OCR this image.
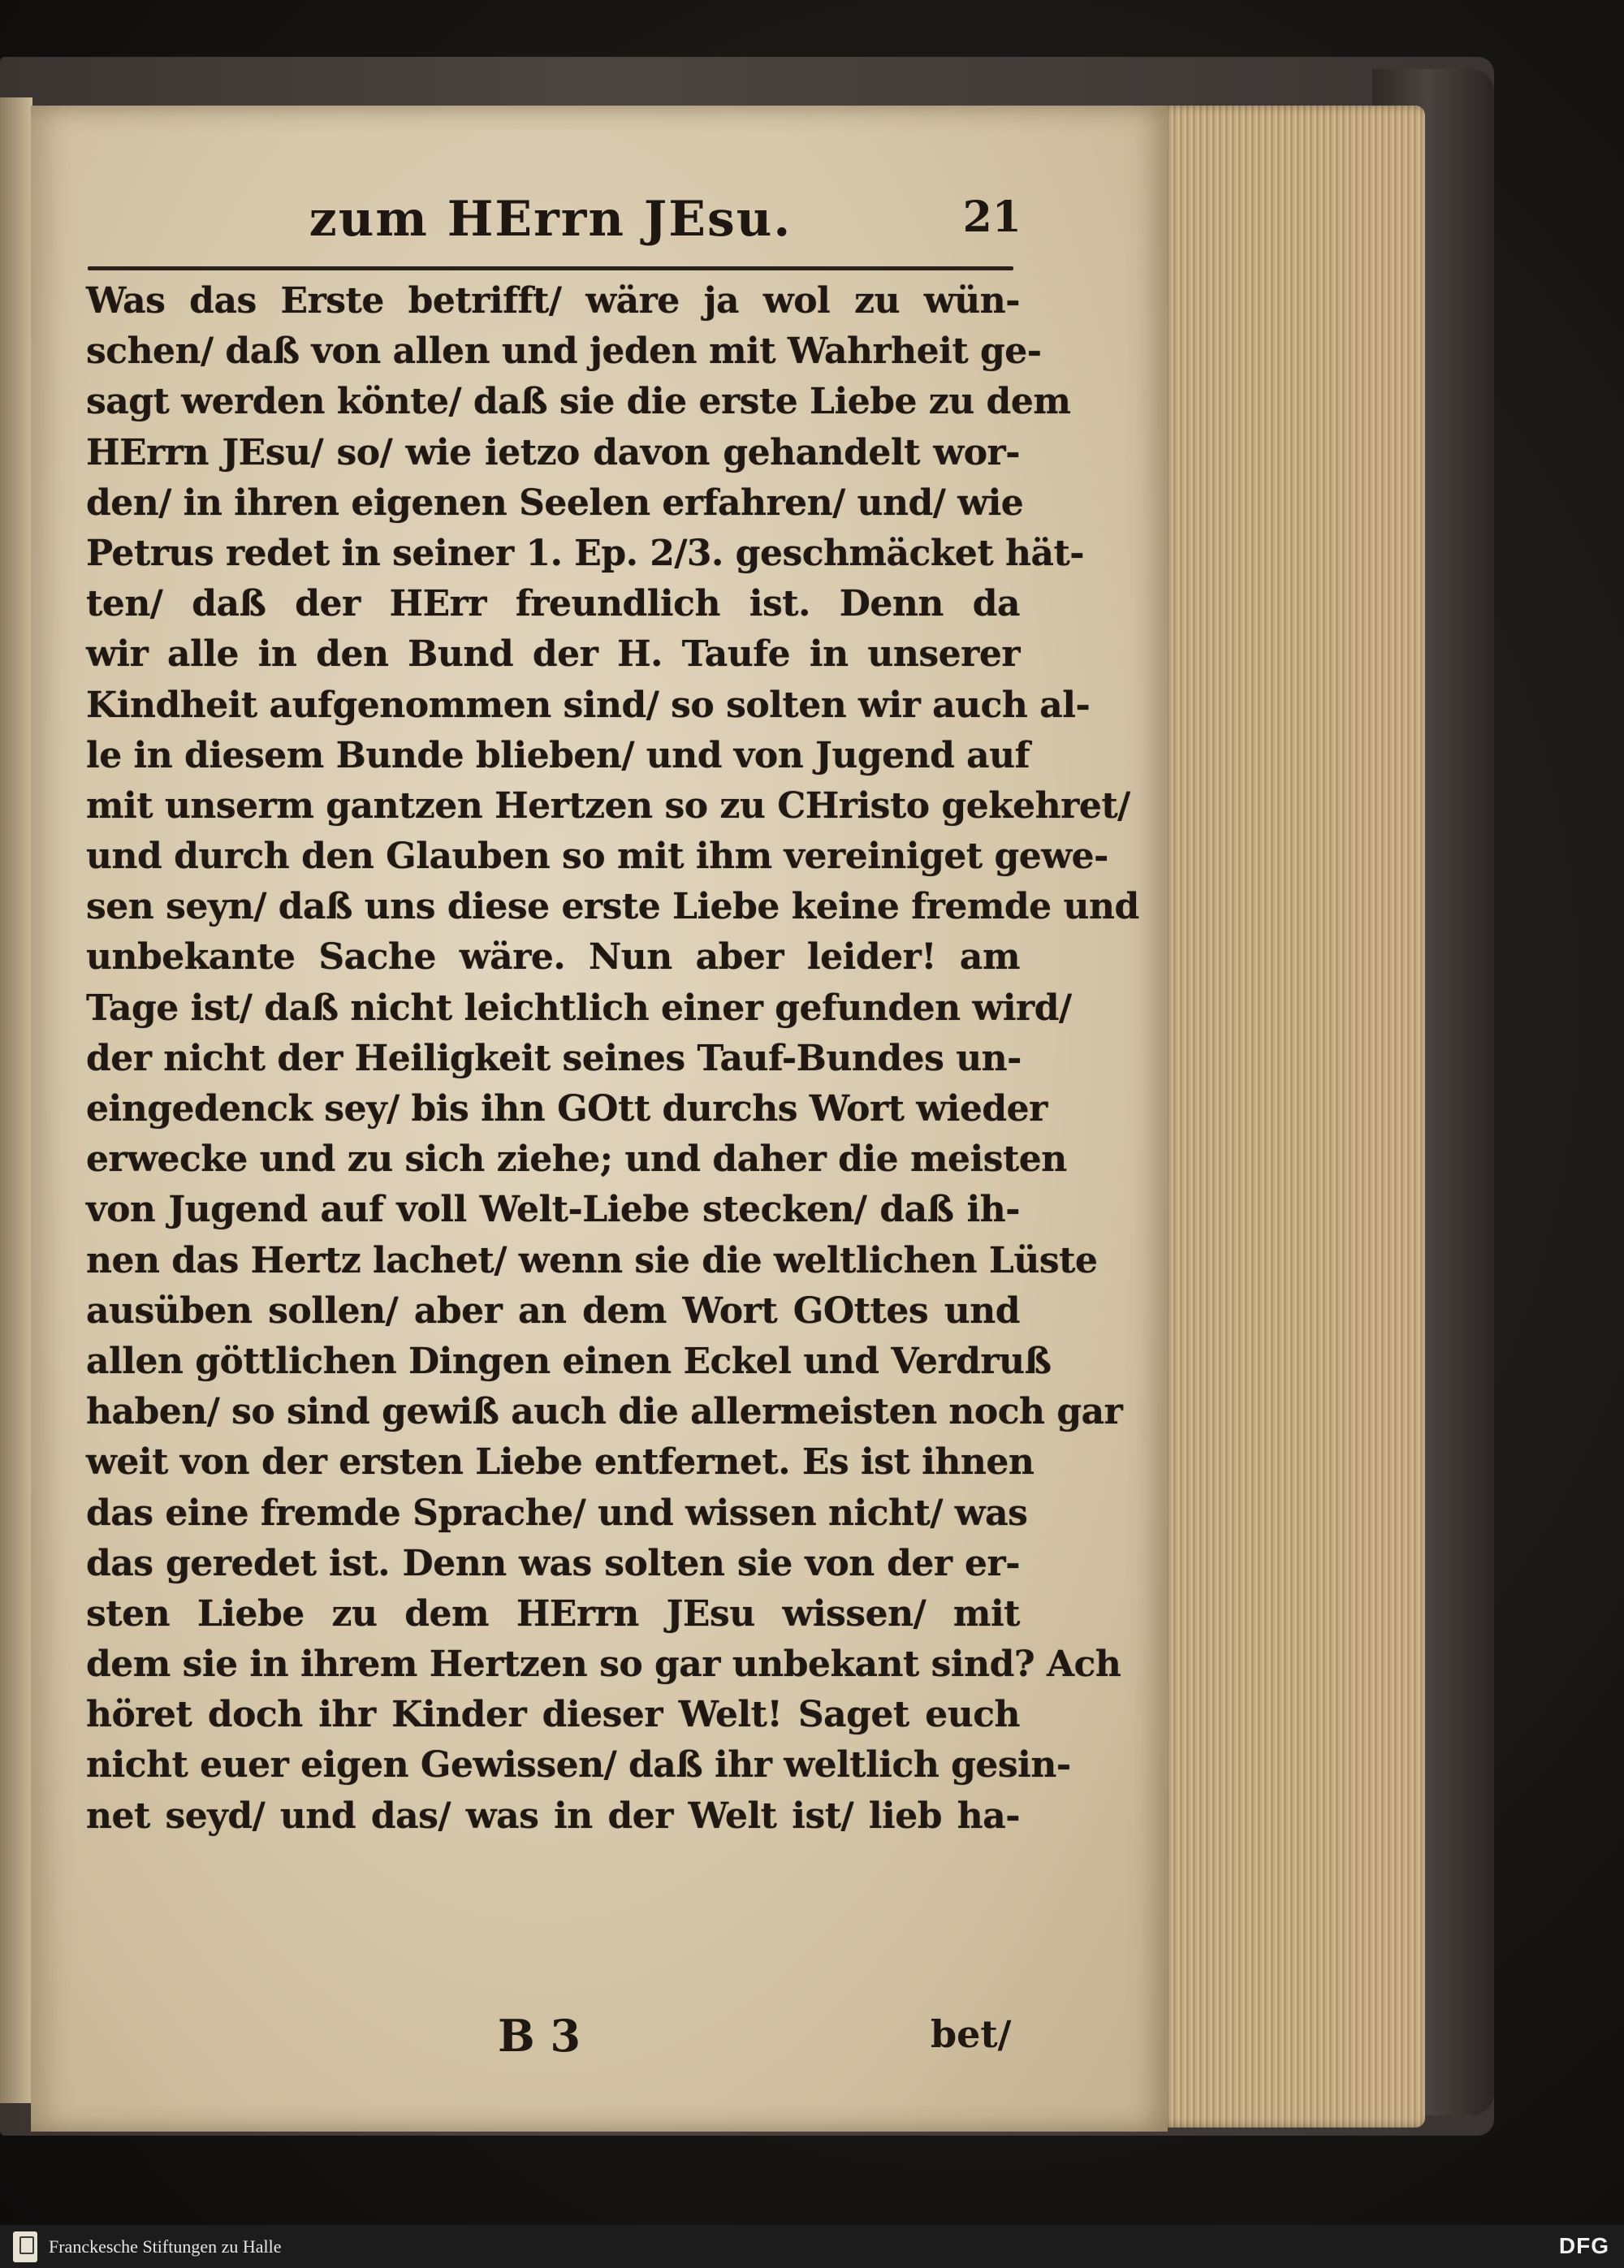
zum HErrn JEsu.	21
Was das Erste betrifft/ wäre ja wol zu wün-
schen/ daß von allen und jeden mit Wahrheit ge-
sagt werden könte/ daß sie die erste Liebe zu dem
HErrn JEsu/ so/ wie ietzo davon gehandelt wor-
den/ in ihren eigenen Seelen erfahren/ und/ wie
Petrus redet in seiner 1. Ep. 2/3. geschmäcket hät-
ten/ daß der HErr freundlich ist. Denn da
wir alle in den Bund der H. Taufe in unserer
Kindheit aufgenommen sind/ so solten wir auch al-
le in diesem Bunde blieben/ und von Jugend auf
mit unserm gantzen Hertzen so zu CHristo gekehret/
und durch den Glauben so mit ihm vereiniget gewe-
sen seyn/ daß uns diese erste Liebe keine fremde und
unbekante Sache wäre. Nun aber leider! am
Tage ist/ daß nicht leichtlich einer gefunden wird/
der nicht der Heiligkeit seines Tauf-Bundes un-
eingedenck sey/ bis ihn GOtt durchs Wort wieder
erwecke und zu sich ziehe; und daher die meisten
von Jugend auf voll Welt-Liebe stecken/ daß ih-
nen das Hertz lachet/ wenn sie die weltlichen Lüste
ausüben sollen/ aber an dem Wort GOttes und
allen göttlichen Dingen einen Eckel und Verdruß
haben/ so sind gewiß auch die allermeisten noch gar
weit von der ersten Liebe entfernet. Es ist ihnen
das eine fremde Sprache/ und wissen nicht/ was
das geredet ist. Denn was solten sie von der er-
sten Liebe zu dem HErrn JEsu wissen/ mit
dem sie in ihrem Hertzen so gar unbekant sind? Ach
höret doch ihr Kinder dieser Welt! Saget euch
nicht euer eigen Gewissen/ daß ihr weltlich gesin-
net seyd/ und das/ was in der Welt ist/ lieb ha-
B 3	bet/
Franckesche Stiftungen zu Halle	DFG
